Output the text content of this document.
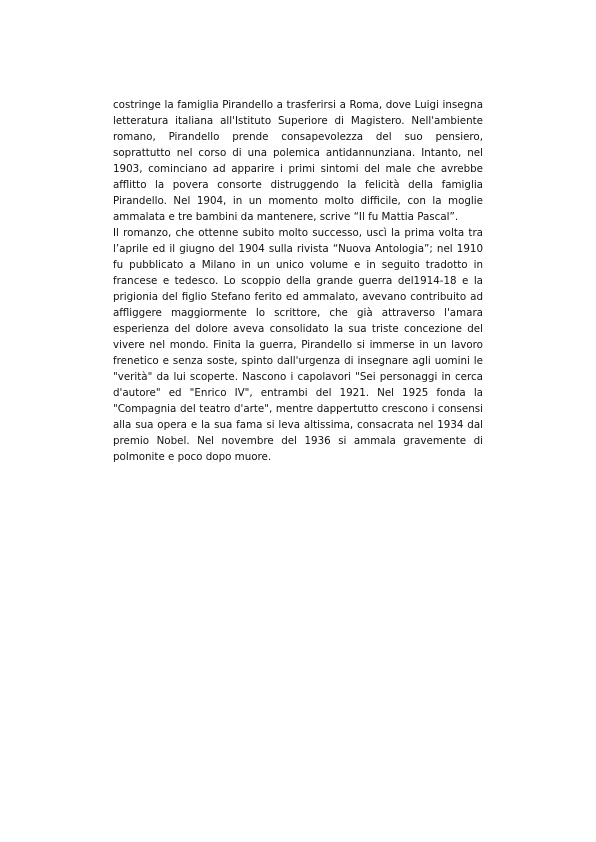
costringe la famiglia Pirandello a trasferirsi a Roma, dove Luigi insegna letteratura italiana all'Istituto Superiore di Magistero. Nell'ambiente romano, Pirandello prende consapevolezza del suo pensiero, soprattutto nel corso di una polemica antidannunziana. Intanto, nel 1903, cominciano ad apparire i primi sintomi del male che avrebbe afflitto la povera consorte distruggendo la felicità della famiglia Pirandello. Nel 1904, in un momento molto difficile, con la moglie ammalata e tre bambini da mantenere, scrive “Il fu Mattia Pascal”.

Il romanzo, che ottenne subito molto successo, uscì la prima volta tra l’aprile ed il giugno del 1904 sulla rivista “Nuova Antologia”; nel 1910 fu pubblicato a Milano in un unico volume e in seguito tradotto in francese e tedesco. Lo scoppio della grande guerra del1914-18 e la prigionia del figlio Stefano ferito ed ammalato, avevano contribuito ad affliggere maggiormente lo scrittore, che già attraverso l'amara esperienza del dolore aveva consolidato la sua triste concezione del vivere nel mondo. Finita la guerra, Pirandello si immerse in un lavoro frenetico e senza soste, spinto dall'urgenza di insegnare agli uomini le "verità" da lui scoperte. Nascono i capolavori "Sei personaggi in cerca d'autore" ed "Enrico IV", entrambi del 1921. Nel 1925 fonda la "Compagnia del teatro d'arte", mentre dappertutto crescono i consensi alla sua opera e la sua fama si leva altissima, consacrata nel 1934 dal premio Nobel. Nel novembre del 1936 si ammala gravemente di polmonite e poco dopo muore.
